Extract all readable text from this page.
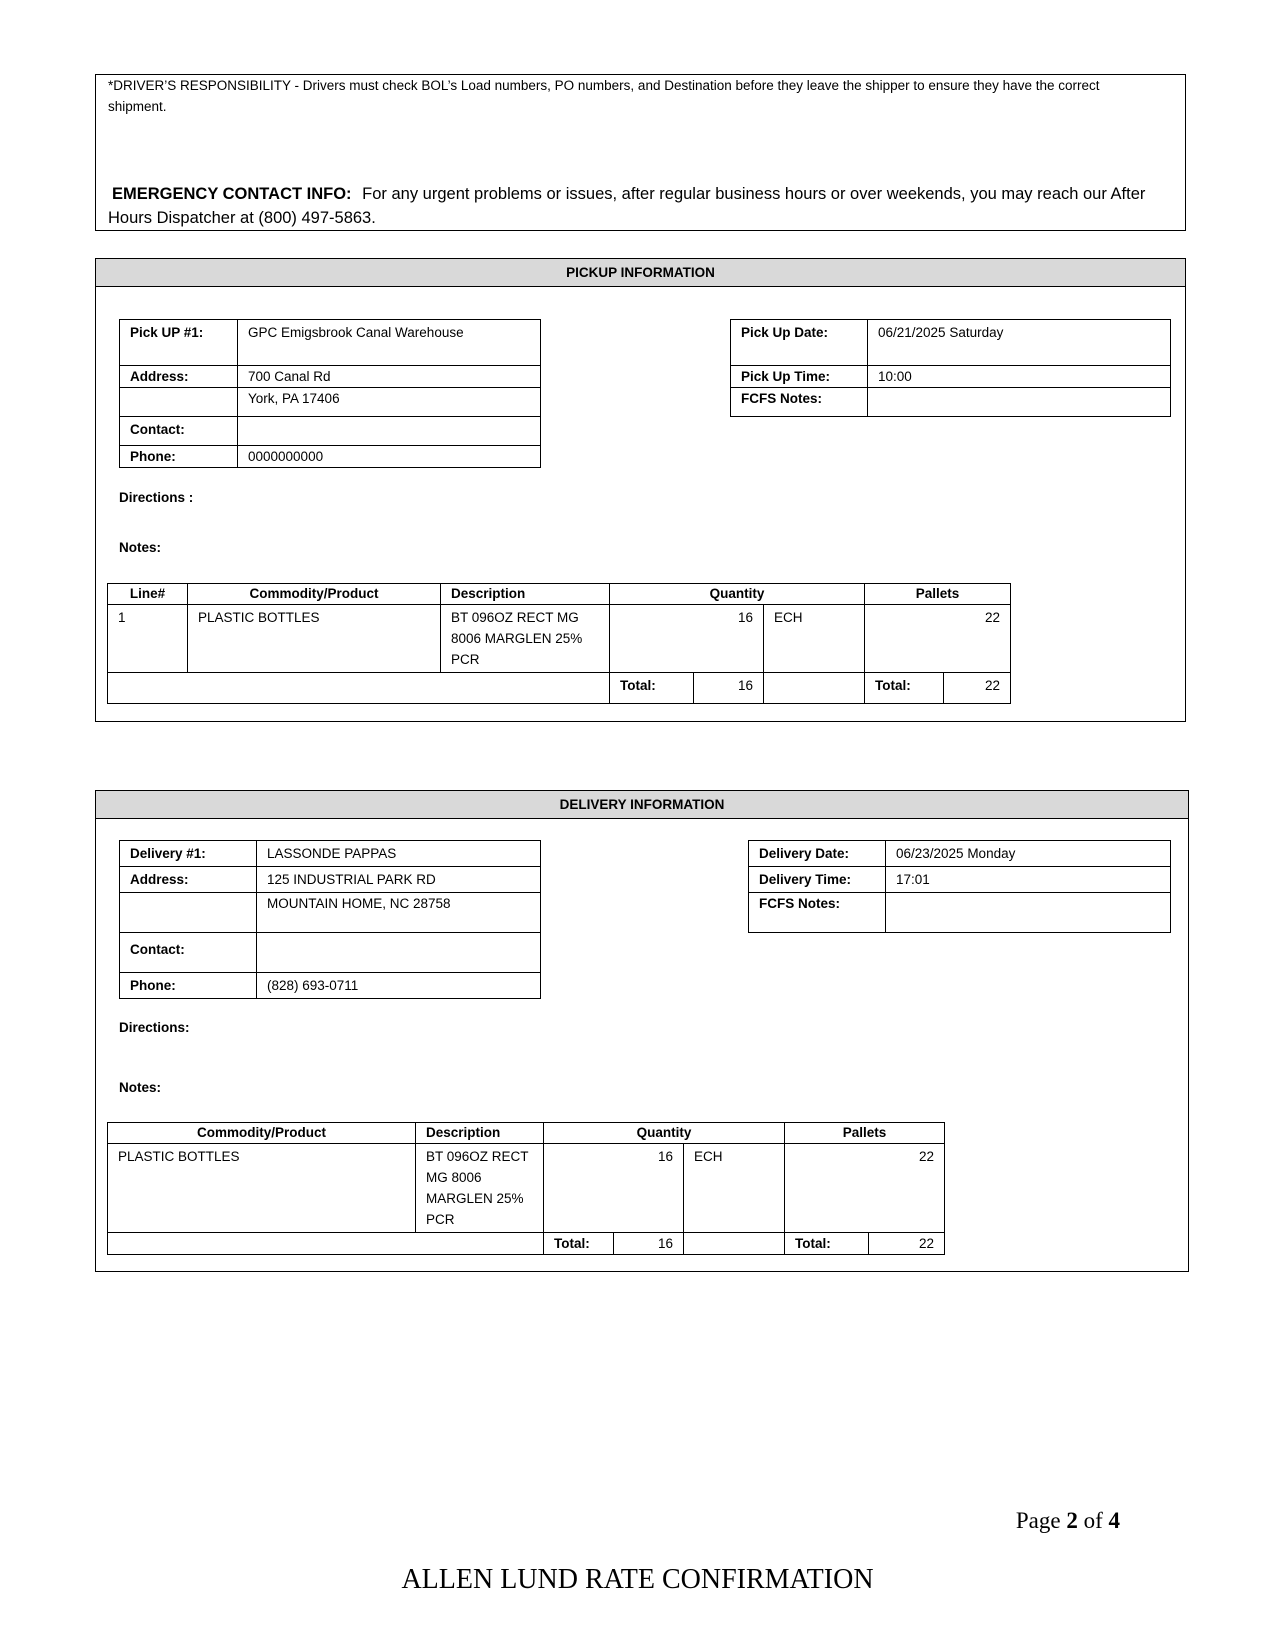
*DRIVER’S RESPONSIBILITY - Drivers must check BOL’s Load numbers, PO numbers, and Destination before they leave the shipper to ensure they have the correct shipment.
EMERGENCY CONTACT INFO: For any urgent problems or issues, after regular business hours or over weekends, you may reach our After Hours Dispatcher at (800) 497-5863.
PICKUP INFORMATION
Pick UP #1:	GPC Emigsbrook Canal Warehouse
Address:	700 Canal Rd
	York, PA 17406
Contact:	
Phone:	0000000000
Pick Up Date:	06/21/2025 Saturday
Pick Up Time:	10:00
FCFS Notes:	
Directions :
Notes:
Line#	Commodity/Product	Description	Quantity			Pallets	
1	PLASTIC BOTTLES	BT 096OZ RECT MG 8006 MARGLEN 25% PCR	16		ECH	22	
			Total:	16		Total:	22
DELIVERY INFORMATION
Delivery #1:	LASSONDE PAPPAS
Address:	125 INDUSTRIAL PARK RD
	MOUNTAIN HOME, NC 28758
Contact:	
Phone:	(828) 693-0711
Delivery Date:	06/23/2025 Monday
Delivery Time:	17:01
FCFS Notes:	
Directions:
Notes:
Commodity/Product	Description	Quantity			Pallets	
PLASTIC BOTTLES	BT 096OZ RECT MG 8006 MARGLEN 25% PCR	16		ECH	22	
		Total:	16		Total:	22
Page 2 of 4
ALLEN LUND RATE CONFIRMATION
